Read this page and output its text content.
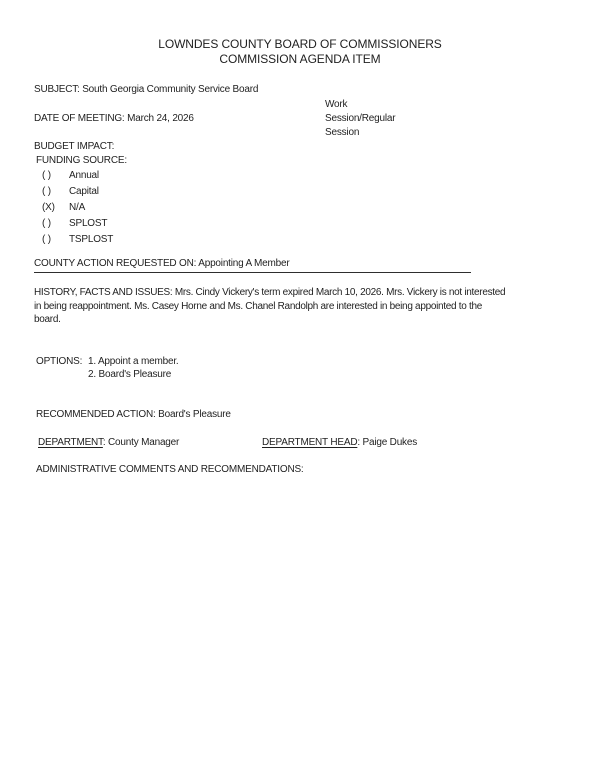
LOWNDES COUNTY BOARD OF COMMISSIONERS
COMMISSION AGENDA ITEM
SUBJECT: South Georgia Community Service Board
Work
Session/Regular
Session
DATE OF MEETING: March 24, 2026
BUDGET IMPACT:
FUNDING SOURCE:
( )	Annual
( )	Capital
(X)	N/A
( )	SPLOST
( )	TSPLOST
COUNTY ACTION REQUESTED ON: Appointing A Member
HISTORY, FACTS AND ISSUES: Mrs. Cindy Vickery's term expired March 10, 2026. Mrs. Vickery is not interested
in being reappointment. Ms. Casey Horne and Ms. Chanel Randolph are interested in being appointed to the
board.
OPTIONS: 1. Appoint a member.
2. Board's Pleasure
RECOMMENDED ACTION: Board's Pleasure
DEPARTMENT: County Manager	DEPARTMENT HEAD: Paige Dukes
ADMINISTRATIVE COMMENTS AND RECOMMENDATIONS:
